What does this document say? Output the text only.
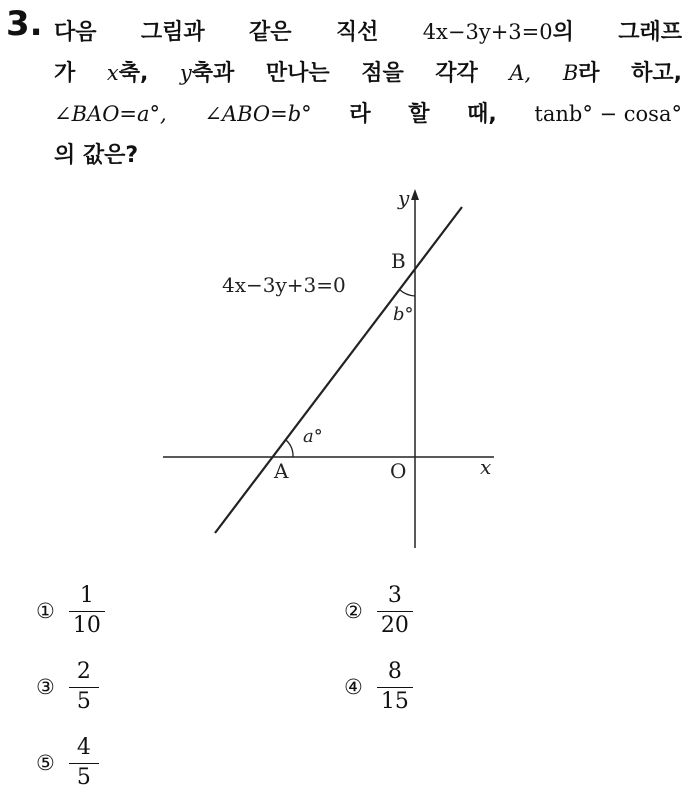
3. 다음 그림과 같은 직선 4x−3y+3=0의 그래프
가 x축, y축과 만나는 점을 각각 A, B라 하고,
∠BAO=a°, ∠ABO=b° 라 할 때, tanb° − cosa°
의 값은?
y
x
B
A	O
4x−3y+3=0
a°
b°
① $\frac{1}{10}$	② $\frac{3}{20}$
③ $\frac{2}{5}$	④ $\frac{8}{15}$
⑤ $\frac{4}{5}$
